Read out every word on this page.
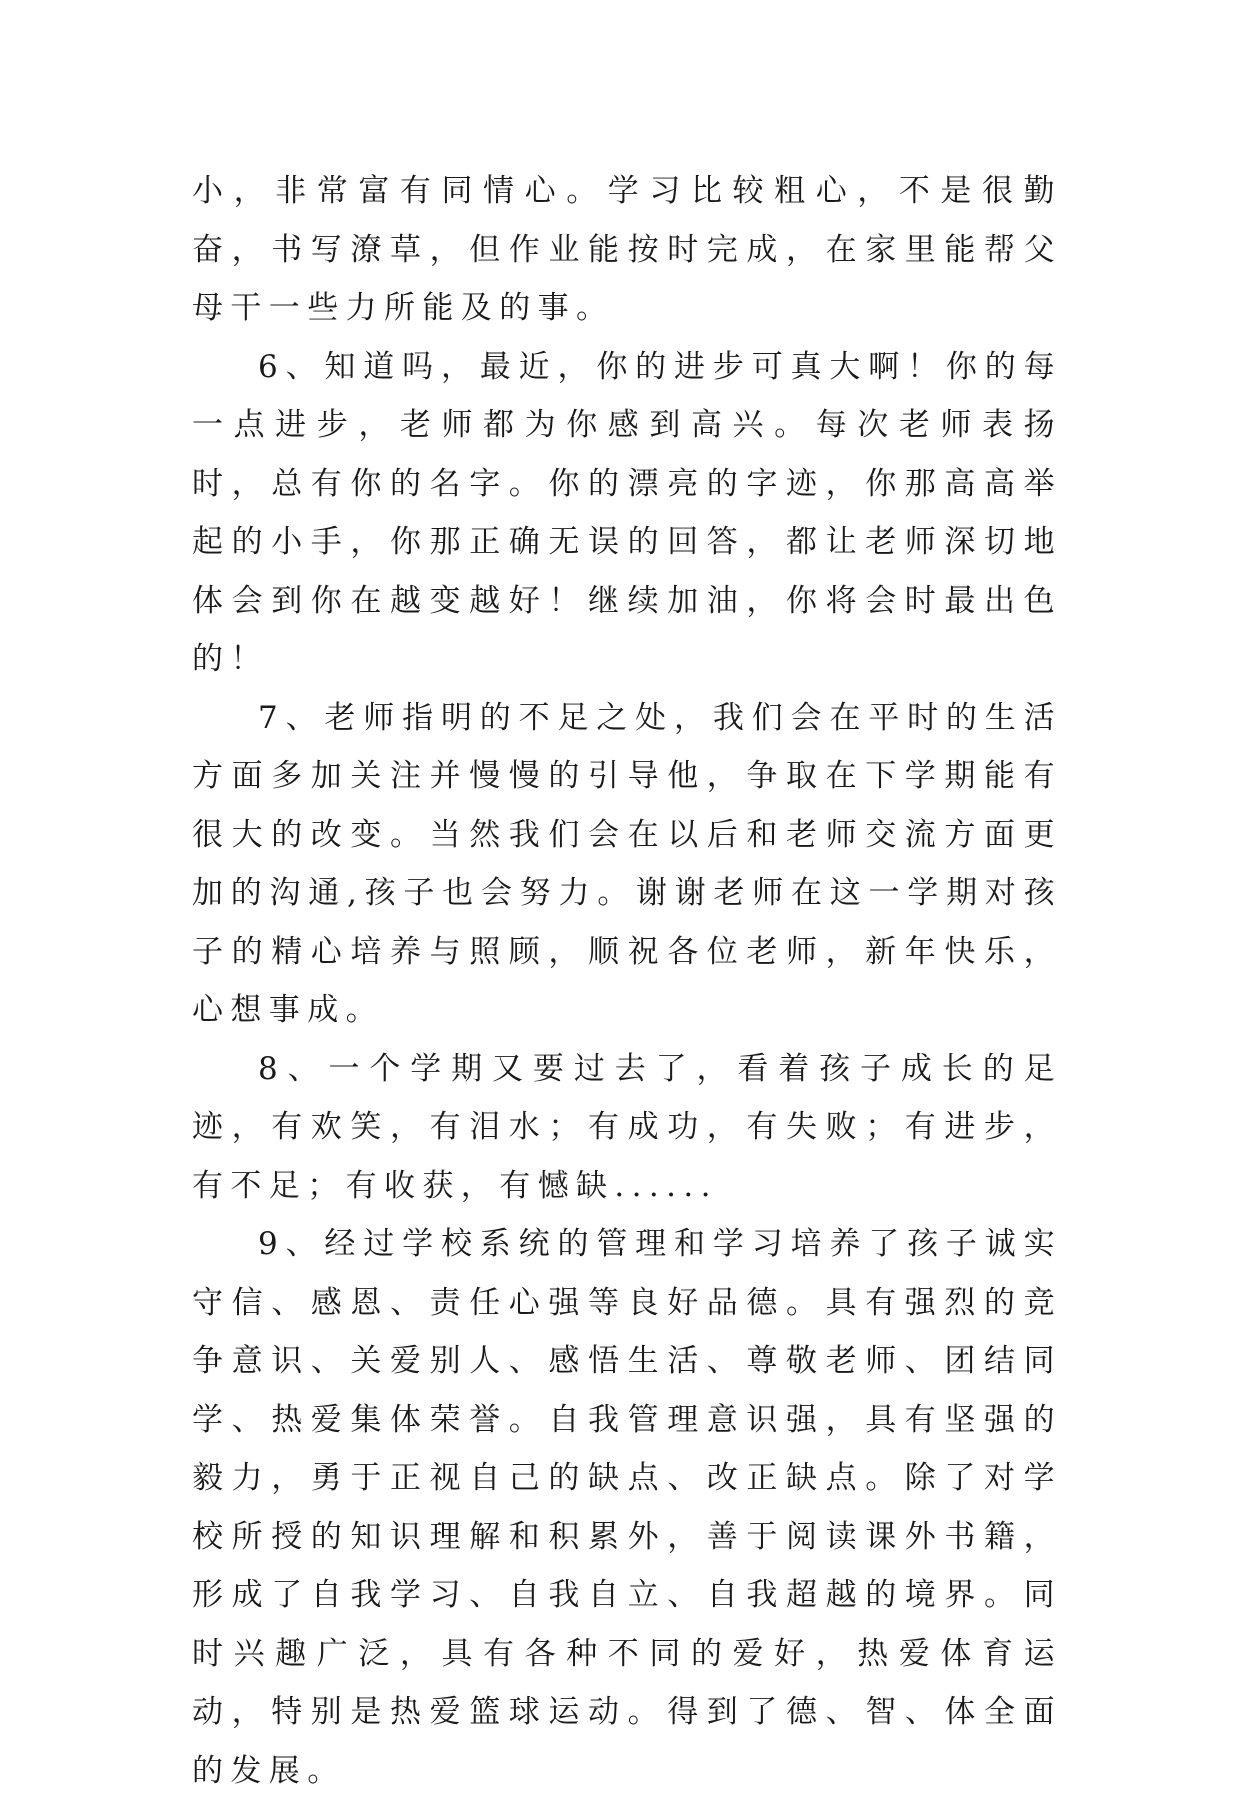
小，非常富有同情心。学习比较粗心，不是很勤奋，书写潦草，但作业能按时完成，在家里能帮父母干一些力所能及的事。

6、知道吗，最近，你的进步可真大啊！你的每一点进步，老师都为你感到高兴。每次老师表扬时，总有你的名字。你的漂亮的字迹，你那高高举起的小手，你那正确无误的回答，都让老师深切地体会到你在越变越好！继续加油，你将会时最出色的！

7、老师指明的不足之处，我们会在平时的生活方面多加关注并慢慢的引导他，争取在下学期能有很大的改变。当然我们会在以后和老师交流方面更加的沟通,孩子也会努力。谢谢老师在这一学期对孩子的精心培养与照顾，顺祝各位老师，新年快乐，心想事成。

8、一个学期又要过去了，看着孩子成长的足迹，有欢笑，有泪水；有成功，有失败；有进步，有不足；有收获，有憾缺......

9、经过学校系统的管理和学习培养了孩子诚实守信、感恩、责任心强等良好品德。具有强烈的竞争意识、关爱别人、感悟生活、尊敬老师、团结同学、热爱集体荣誉。自我管理意识强，具有坚强的毅力，勇于正视自己的缺点、改正缺点。除了对学校所授的知识理解和积累外，善于阅读课外书籍，形成了自我学习、自我自立、自我超越的境界。同时兴趣广泛，具有各种不同的爱好，热爱体育运动，特别是热爱篮球运动。得到了德、智、体全面的发展。
